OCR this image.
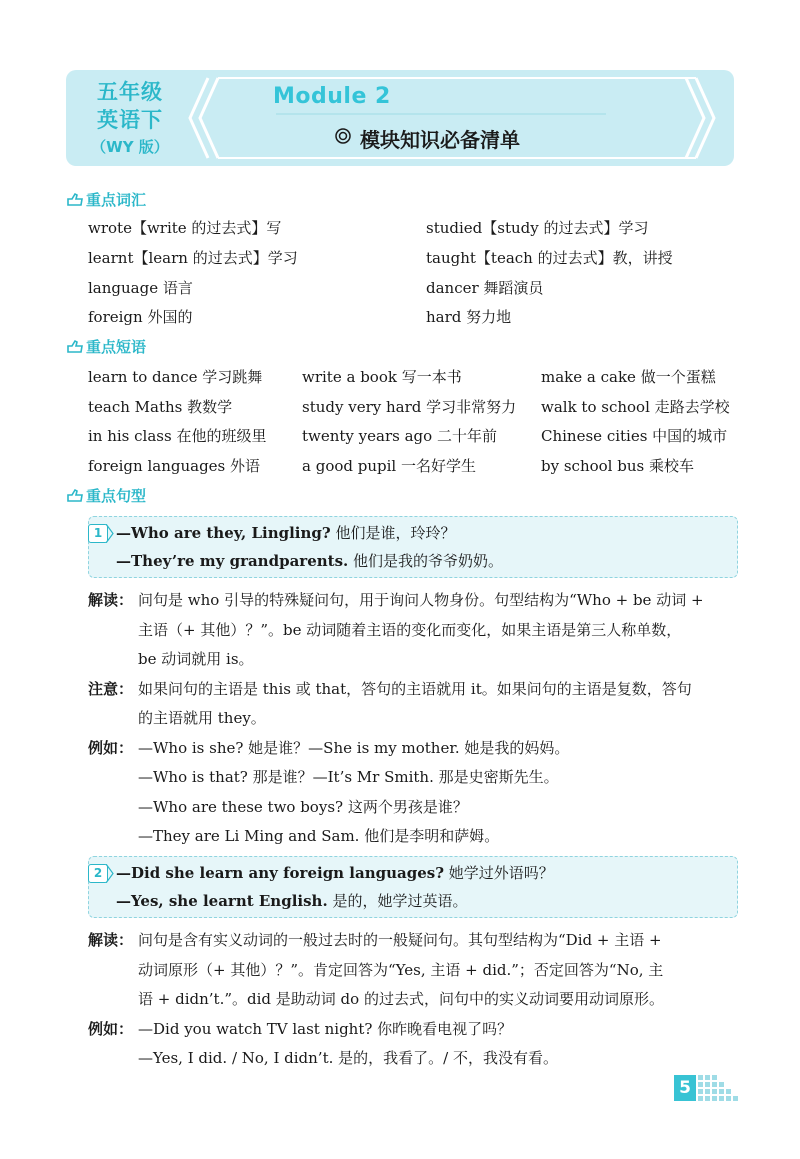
五年级
英语下
（WY 版）
Module 2
模块知识必备清单
重点词汇
wrote【write 的过去式】写	studied【study 的过去式】学习
learnt【learn 的过去式】学习	taught【teach 的过去式】教，讲授
language 语言	dancer 舞蹈演员
foreign 外国的	hard 努力地
重点短语
learn to dance 学习跳舞	write a book 写一本书	make a cake 做一个蛋糕
teach Maths 教数学	study very hard 学习非常努力 walk to school 走路去学校
in his class 在他的班级里 twenty years ago 二十年前	Chinese cities 中国的城市
foreign languages 外语	a good pupil 一名好学生	by school bus 乘校车
重点句型
1 —Who are they, Lingling? 他们是谁，玲玲？
—They’re my grandparents. 他们是我的爷爷奶奶。
解读： 问句是 who 引导的特殊疑问句，用于询问人物身份。句型结构为“Who + be 动词 +
主语（+ 其他）？”。be 动词随着主语的变化而变化，如果主语是第三人称单数，
be 动词就用 is。
注意： 如果问句的主语是 this 或 that，答句的主语就用 it。如果问句的主语是复数，答句
的主语就用 they。
例如： —Who is she? 她是谁？—She is my mother. 她是我的妈妈。
—Who is that? 那是谁？—It’s Mr Smith. 那是史密斯先生。
—Who are these two boys? 这两个男孩是谁？
—They are Li Ming and Sam. 他们是李明和萨姆。
2 —Did she learn any foreign languages? 她学过外语吗？
—Yes, she learnt English. 是的，她学过英语。
解读： 问句是含有实义动词的一般过去时的一般疑问句。其句型结构为“Did + 主语 +
动词原形（+ 其他）？”。肯定回答为“Yes, 主语 + did.”；否定回答为“No, 主
语 + didn’t.”。did 是助动词 do 的过去式，问句中的实义动词要用动词原形。
例如： —Did you watch TV last night? 你昨晚看电视了吗？
—Yes, I did. / No, I didn’t. 是的，我看了。/ 不，我没有看。
5
